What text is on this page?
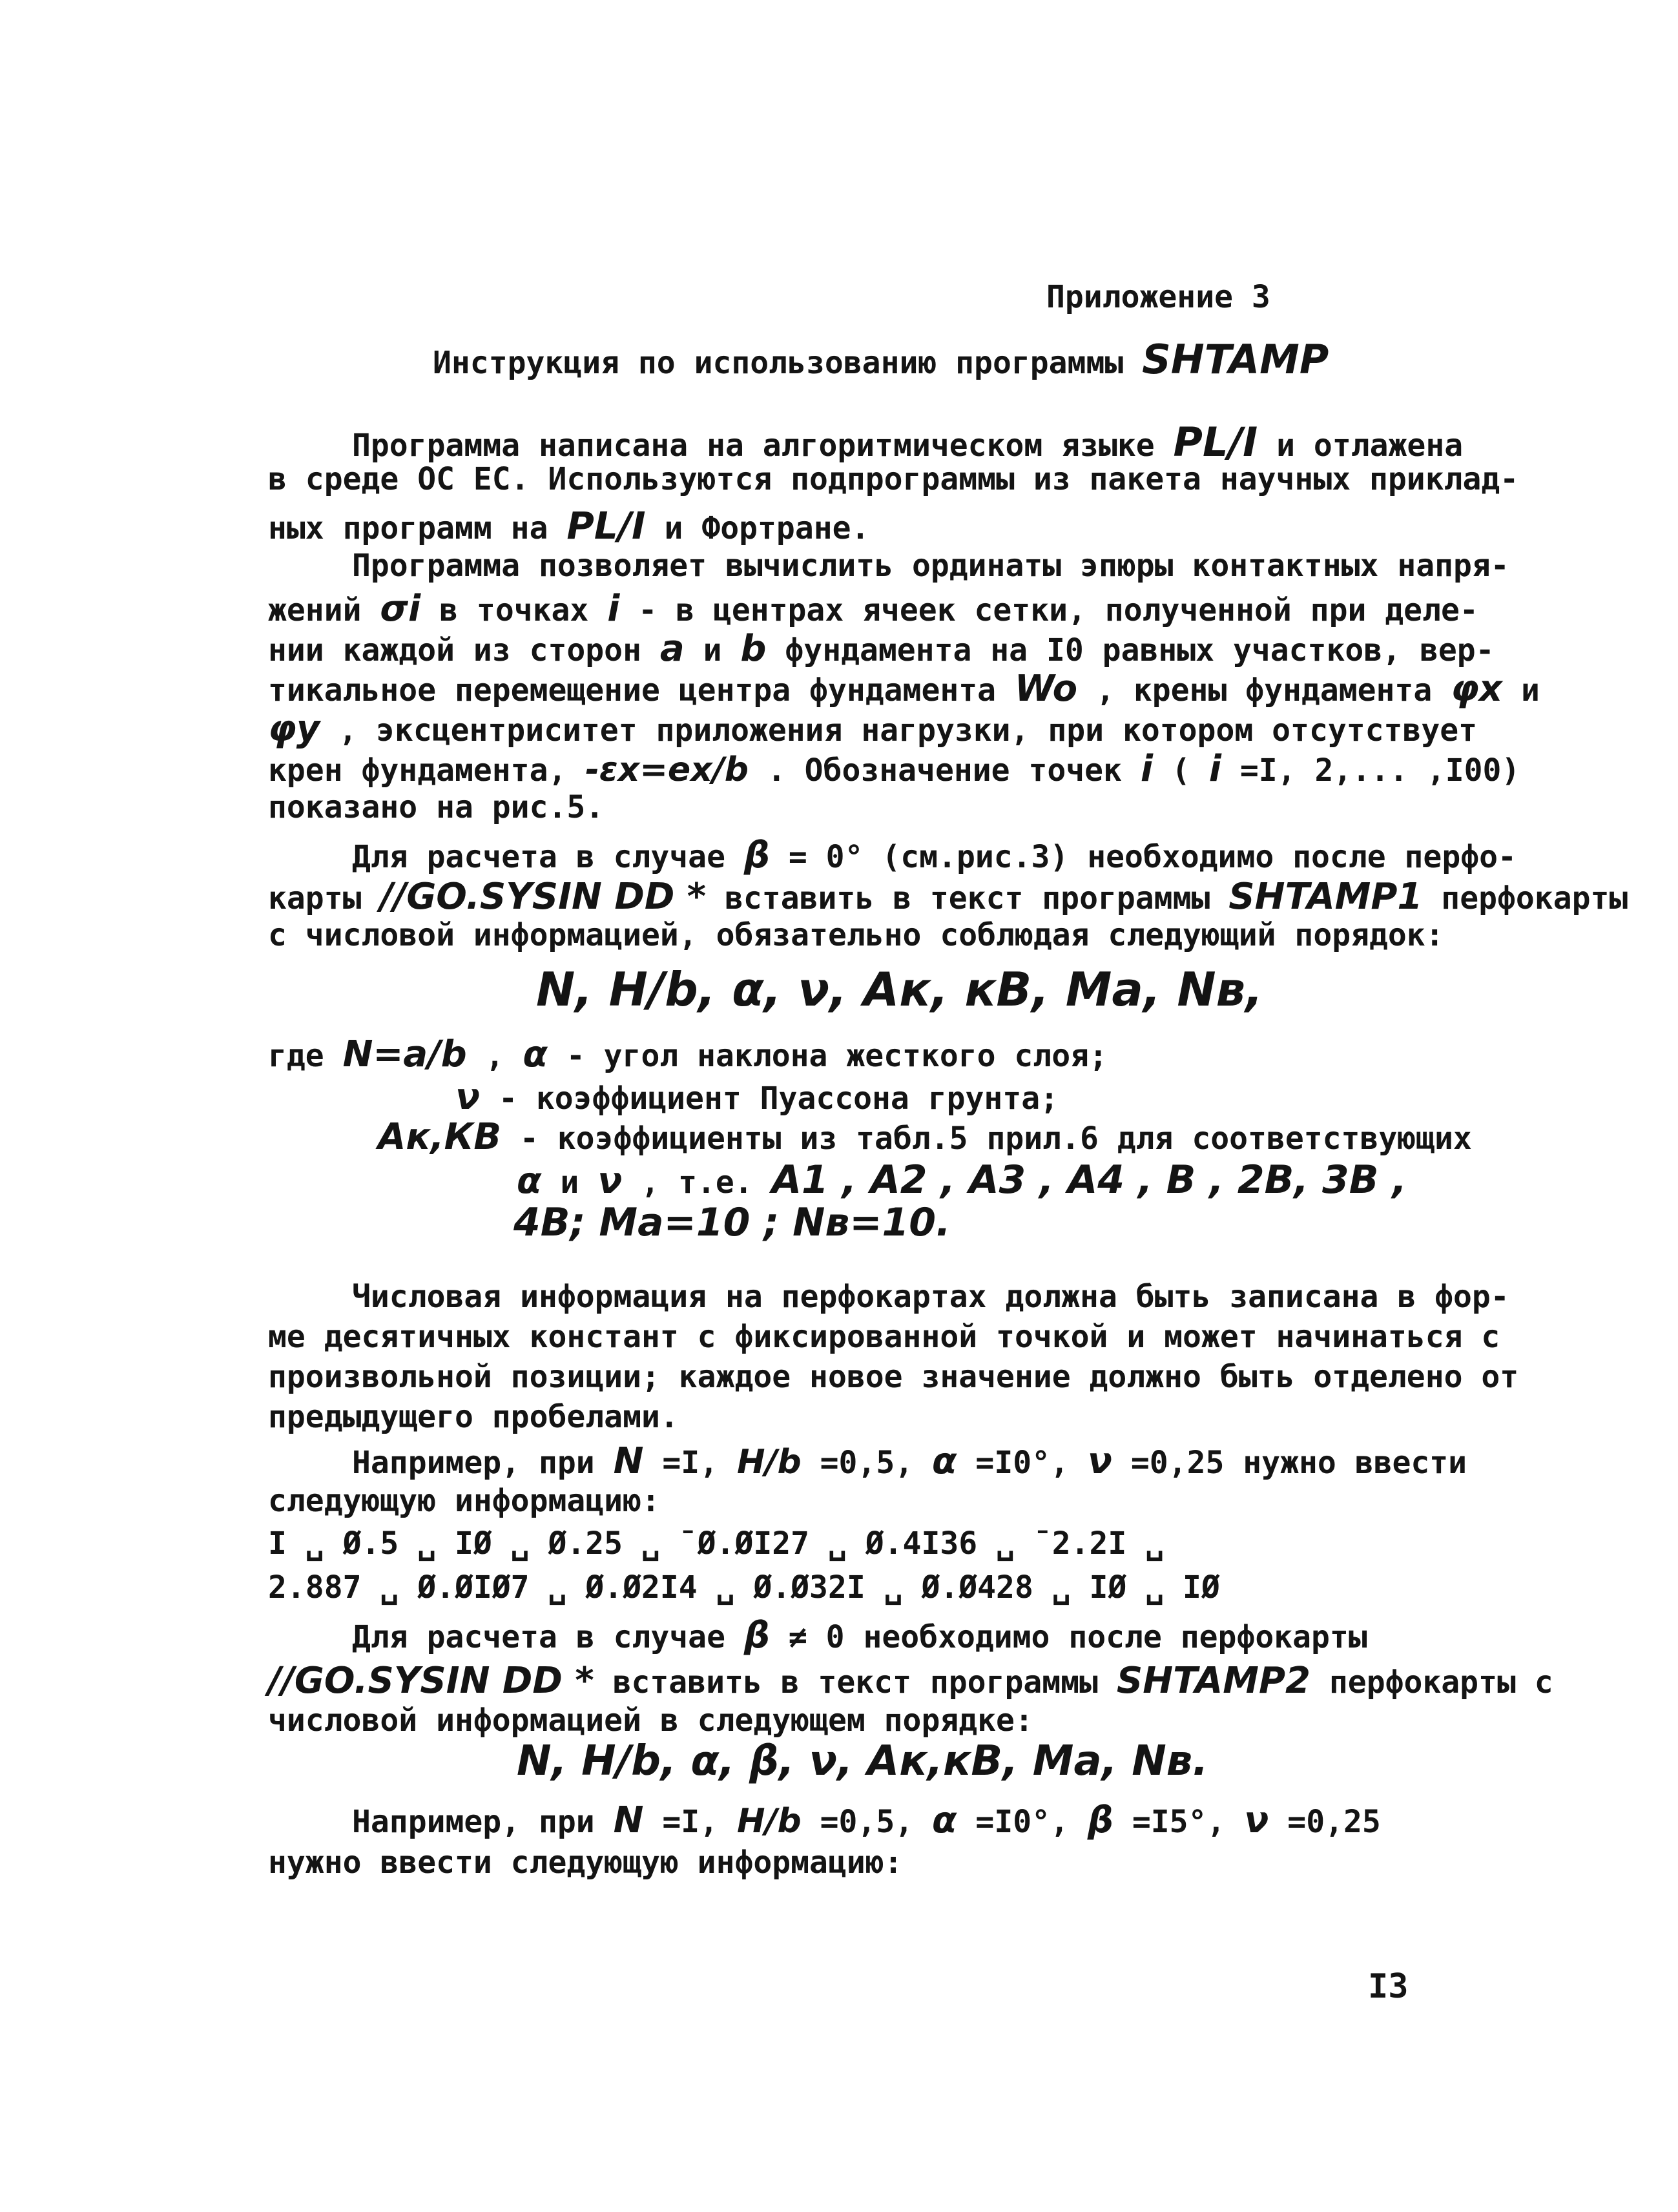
Приложение 3
Инструкция по использованию программы SHTAMP
Программа написана на алгоритмическом языке PL/I и отлажена
в среде ОС ЕС. Используются подпрограммы из пакета научных приклад-
ных программ на PL/I и Фортране.
Программа позволяет вычислить ординаты эпюры контактных напря-
жений σi в точках i - в центрах ячеек сетки, полученной при деле-
нии каждой из сторон a и b фундамента на I0 равных участков, вер-
тикальное перемещение центра фундамента Wo , крены фундамента φx и
φy , эксцентриситет приложения нагрузки, при котором отсутствует
крен фундамента, -εx=ex/b . Обозначение точек i ( i =I, 2,... ,I00)
показано на рис.5.
Для расчета в случае β = 0° (см.рис.3) необходимо после перфо-
карты //GO.SYSIN DD * вставить в текст программы SHTAMP1 перфокарты
с числовой информацией, обязательно соблюдая следующий порядок:
N, H/b, α, ν, Ак, кВ, Ma, Nв,
где N=a/b , α - угол наклона жесткого слоя;
ν - коэффициент Пуассона грунта;
Ак,КВ - коэффициенты из табл.5 прил.6 для соответствующих
α и ν , т.е. A1 , A2 , A3 , A4 , B , 2B, 3B ,
4B; Ma=10 ; Nв=10.
Числовая информация на перфокартах должна быть записана в фор-
ме десятичных констант с фиксированной точкой и может начинаться с
произвольной позиции; каждое новое значение должно быть отделено от
предыдущего пробелами.
Например, при N =I, H/b =0,5, α =I0°, ν =0,25 нужно ввести
следующую информацию:
I ␣ Ø.5 ␣ IØ ␣ Ø.25 ␣ ¯Ø.ØI27 ␣ Ø.4I36 ␣ ¯2.2I ␣
2.887 ␣ Ø.ØIØ7 ␣ Ø.Ø2I4 ␣ Ø.Ø32I ␣ Ø.Ø428 ␣ IØ ␣ IØ
Для расчета в случае β ≠ 0 необходимо после перфокарты
//GO.SYSIN DD * вставить в текст программы SHTAMP2 перфокарты с
числовой информацией в следующем порядке:
N, H/b, α, β, ν, Ак,кВ, Ma, Nв.
Например, при N =I, H/b =0,5, α =I0°, β =I5°, ν =0,25
нужно ввести следующую информацию:
I3
